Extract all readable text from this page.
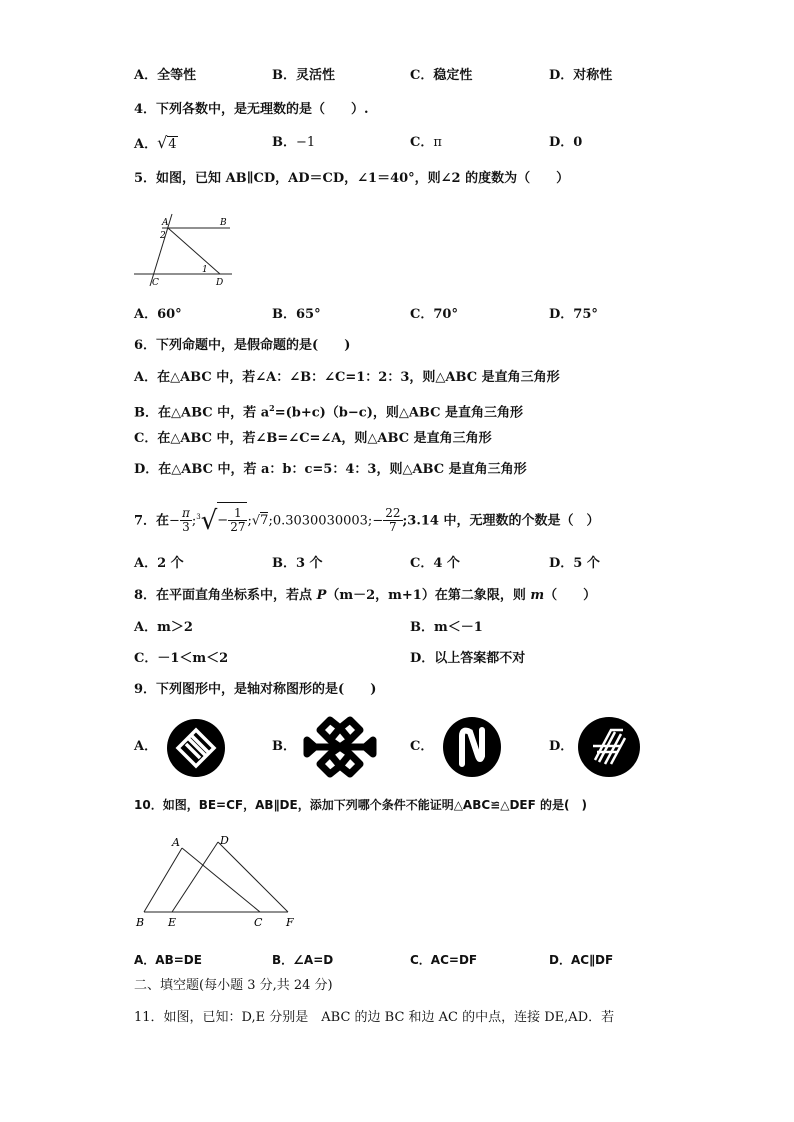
A．全等性	B．灵活性	C．稳定性	D．对称性
4．下列各数中，是无理数的是（　　）.
A．√4	B．−1	C．π	D．0
5．如图，已知 AB∥CD，AD＝CD，∠1＝40°，则∠2 的度数为（　　）
A	B
2
1
C	D
A．60°	B．65°	C．70°	D．75°
6．下列命题中，是假命题的是(　　)
A．在△ABC 中，若∠A：∠B：∠C=1：2：3，则△ABC 是直角三角形
B．在△ABC 中，若 $a^2=(b+c)(b-c)$，则△ABC 是直角三角形
C．在△ABC 中，若∠B=∠C=∠A，则△ABC 是直角三角形
D．在△ABC 中，若 a：b：c=5：4：3，则△ABC 是直角三角形
7．在− $\frac{\pi}{3}$ ;$^3$√− $\frac{1}{27}$ ;√7;0.3030030003;− $\frac{22}{7}$ ;3.14 中，无理数的个数是（　）
A．2 个	B．3 个	C．4 个	D．5 个
8．在平面直角坐标系中，若点 P（m－2，m+1）在第二象限，则 m（　　）
A．m＞2	B．m＜－1
C．－1＜m＜2	D．以上答案都不对
9．下列图形中，是轴对称图形的是(　　)
A．	B．	C．	D．
10．如图，BE=CF，AB∥DE，添加下列哪个条件不能证明△ABC≌△DEF 的是(　)
A	D
B E	C F
A．AB=DE	B．∠A=D	C．AC=DF	D．AC∥DF
二、填空题(每小题 3 分,共 24 分)
11．如图，已知：D,E 分别是　ABC 的边 BC 和边 AC 的中点，连接 DE,AD．若
